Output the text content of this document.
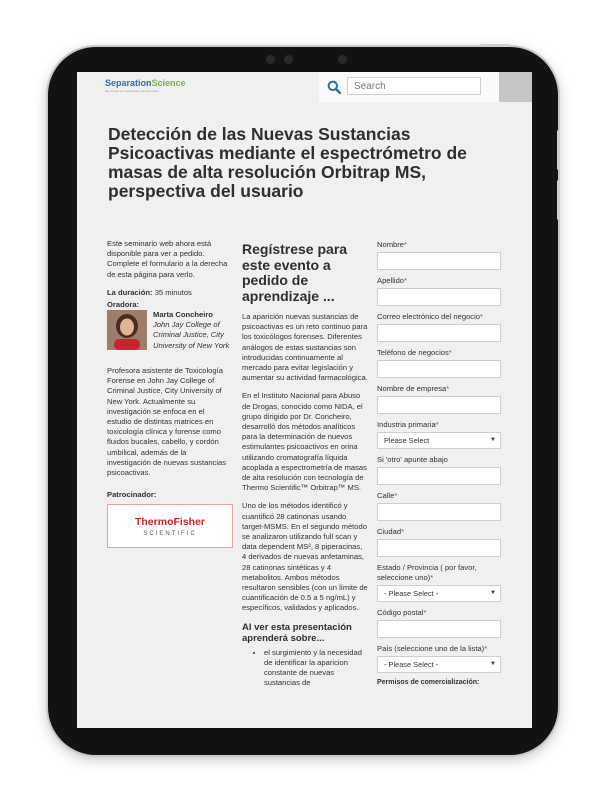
SeparationScience
the source for separations science news
Search
Detección de las Nuevas Sustancias Psicoactivas mediante el espectrómetro de masas de alta resolución Orbitrap MS, perspectiva del usuario

Este seminario web ahora está disponible para ver a pedido. Complete el formulario a la derecha de esta página para verlo.

La duración: 35 minutos

Oradora:
Marta Concheiro
John Jay College of Criminal Justice, City University of New York

Profesora asistente de Toxicología Forense en John Jay College of Criminal Justice, City University of New York. Actualmente su investigación se enfoca en el estudio de distintas matrices en toxicología clínica y forense como fluidos bucales, cabello, y cordón umbilical, además de la investigación de nuevas sustancias psicoactivas.

Patrocinador:

ThermoFisher
SCIENTIFIC
Regístrese para este evento a pedido de aprendizaje ...

La aparición nuevas sustancias de psicoactivas es un reto continuo para los toxicólogos forenses. Diferentes análogos de estas sustancias son introducidas continuamente al mercado para evitar legislación y aumentar su actividad farmacológica.

En el Instituto Nacional para Abuso de Drogas, conocido como NIDA, el grupo dirigido por Dr. Concheiro, desarrolló dos métodos analíticos para la determinación de nuevos estimulantes psicoactivos en orina utilizando cromatografía líquida acoplada a espectrometría de masas de alta resolución con tecnología de Thermo Scientific™ Orbitrap™ MS.

Uno de los métodos identificó y cuantificó 28 catinonas usando target-MSMS. En el segundo método se analizaron utilizando full scan y data dependent MS², 8 piperacinas, 4 derivados de nuevas anfetaminas, 28 catinonas sintéticas y 4 metabolitos. Ambos métodos resultaron sensibles (con un límite de cuantificación de 0.5 a 5 ng/mL) y específicos, validados y aplicados.

Al ver esta presentación aprenderá sobre...
• el surgimiento y la necesidad de identificar la aparicion constante de nuevas sustancias de
Nombre*
Apellido*
Correo electrónico del negocio*
Teléfono de negocios*
Nombre de empresa*
Industria primaria*
Please Select	▼
Si 'otro' apunte abajo
Calle*
Ciudad*
Estado / Provincia ( por favor, seleccione uno)*
- Please Select -	▼
Código postal*
País (seleccione uno de la lista)*
- Please Select -	▼
Permisos de comercialización:
